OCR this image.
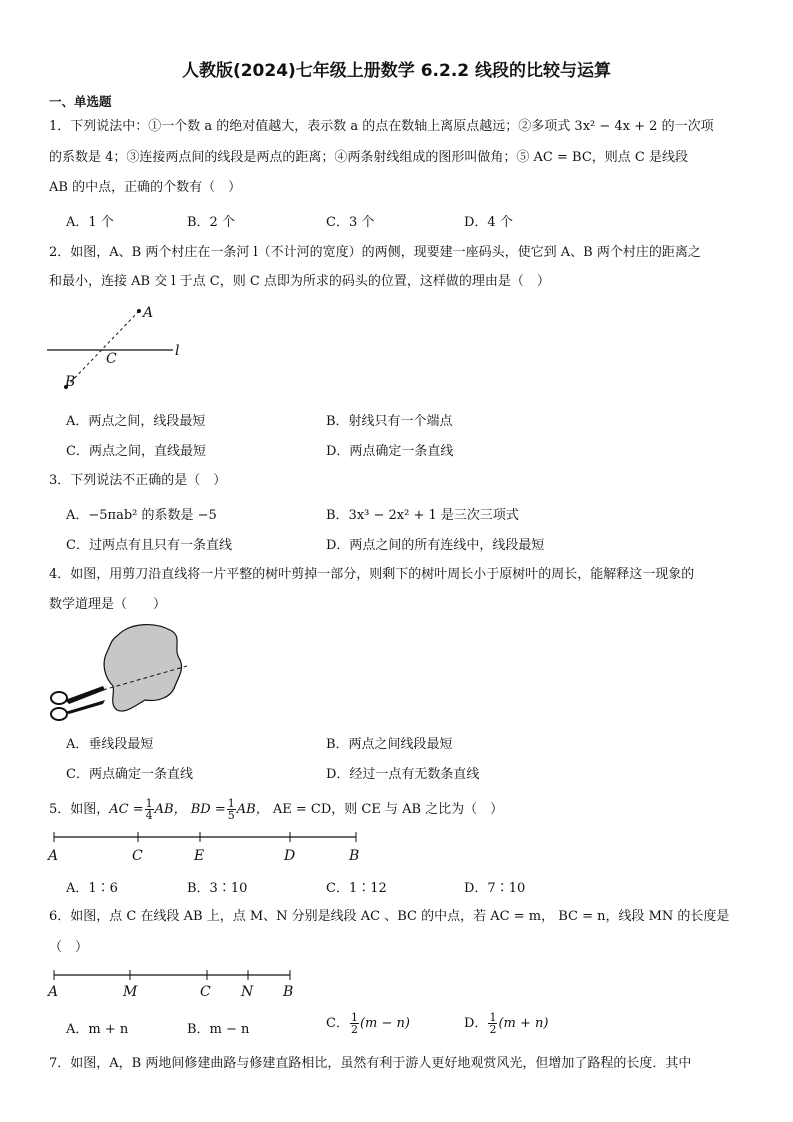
人教版(2024)七年级上册数学 6.2.2 线段的比较与运算
一、单选题
1．下列说法中：①一个数 a 的绝对值越大，表示数 a 的点在数轴上离原点越远；②多项式 3x² − 4x + 2 的一次项
的系数是 4；③连接两点间的线段是两点的距离；④两条射线组成的图形叫做角；⑤ AC = BC，则点 C 是线段
AB 的中点，正确的个数有（　）
A．1 个	B．2 个	C．3 个	D．4 个
2．如图，A、B 两个村庄在一条河 l（不计河的宽度）的两侧，现要建一座码头，使它到 A、B 两个村庄的距离之
和最小，连接 AB 交 l 于点 C，则 C 点即为所求的码头的位置，这样做的理由是（　）
A
B
C	l
A．两点之间，线段最短	B．射线只有一个端点
C．两点之间，直线最短	D．两点确定一条直线
3．下列说法不正确的是（　）
A．−5πab² 的系数是 −5	B．3x³ − 2x² + 1 是三次三项式
C．过两点有且只有一条直线	D．两点之间的所有连线中，线段最短
4．如图，用剪刀沿直线将一片平整的树叶剪掉一部分，则剩下的树叶周长小于原树叶的周长，能解释这一现象的
数学道理是（　　）
A．垂线段最短	B．两点之间线段最短
C．两点确定一条直线	D．经过一点有无数条直线
5．如图，AC = $\frac{1}{4}$ AB， BD = $\frac{1}{5}$ AB， AE = CD，则 CE 与 AB 之比为（　）
A	C	E	D	B
A．1∶6	B．3∶10	C．1∶12	D．7∶10
6．如图，点 C 在线段 AB 上，点 M、N 分别是线段 AC 、BC 的中点，若 AC = m， BC = n，线段 MN 的长度是
（　）
A	M	C N B
A．m + n	B．m − n	C． $\frac{1}{2} (m - n)$	D． $\frac{1}{2} (m + n)$
7．如图，A，B 两地间修建曲路与修建直路相比，虽然有利于游人更好地观赏风光，但增加了路程的长度．其中
